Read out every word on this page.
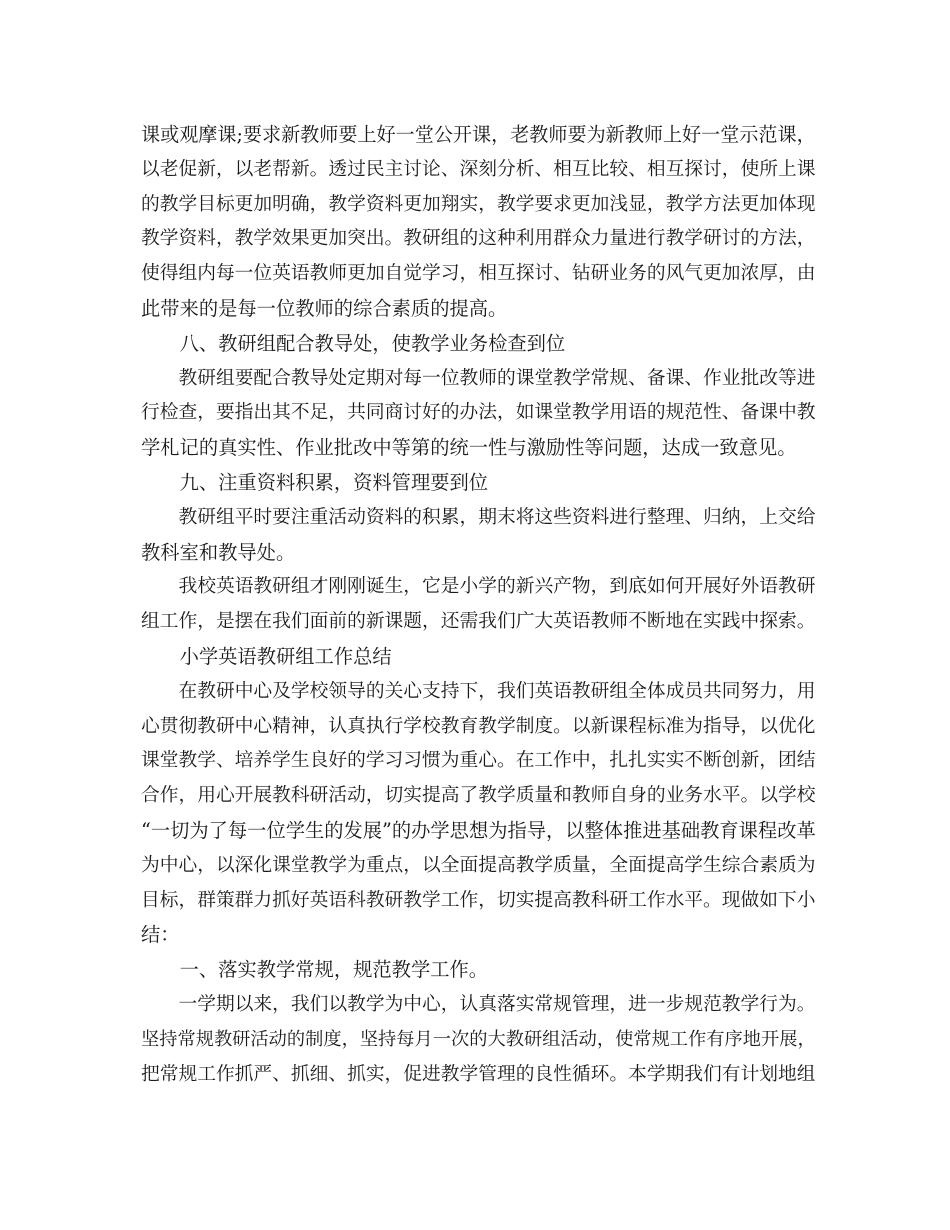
课或观摩课;要求新教师要上好一堂公开课，老教师要为新教师上好一堂示范课，
以老促新，以老帮新。透过民主讨论、深刻分析、相互比较、相互探讨，使所上课
的教学目标更加明确，教学资料更加翔实，教学要求更加浅显，教学方法更加体现
教学资料，教学效果更加突出。教研组的这种利用群众力量进行教学研讨的方法，
使得组内每一位英语教师更加自觉学习，相互探讨、钻研业务的风气更加浓厚，由
此带来的是每一位教师的综合素质的提高。
八、教研组配合教导处，使教学业务检查到位
教研组要配合教导处定期对每一位教师的课堂教学常规、备课、作业批改等进
行检查，要指出其不足，共同商讨好的办法，如课堂教学用语的规范性、备课中教
学札记的真实性、作业批改中等第的统一性与激励性等问题，达成一致意见。
九、注重资料积累，资料管理要到位
教研组平时要注重活动资料的积累，期末将这些资料进行整理、归纳，上交给
教科室和教导处。
我校英语教研组才刚刚诞生，它是小学的新兴产物，到底如何开展好外语教研
组工作，是摆在我们面前的新课题，还需我们广大英语教师不断地在实践中探索。
小学英语教研组工作总结
在教研中心及学校领导的关心支持下，我们英语教研组全体成员共同努力，用
心贯彻教研中心精神，认真执行学校教育教学制度。以新课程标准为指导，以优化
课堂教学、培养学生良好的学习习惯为重心。在工作中，扎扎实实不断创新，团结
合作，用心开展教科研活动，切实提高了教学质量和教师自身的业务水平。以学校
“一切为了每一位学生的发展”的办学思想为指导，以整体推进基础教育课程改革
为中心，以深化课堂教学为重点，以全面提高教学质量，全面提高学生综合素质为
目标，群策群力抓好英语科教研教学工作，切实提高教科研工作水平。现做如下小
结：
一、落实教学常规，规范教学工作。
一学期以来，我们以教学为中心，认真落实常规管理，进一步规范教学行为。
坚持常规教研活动的制度，坚持每月一次的大教研组活动，使常规工作有序地开展，
把常规工作抓严、抓细、抓实，促进教学管理的良性循环。本学期我们有计划地组
